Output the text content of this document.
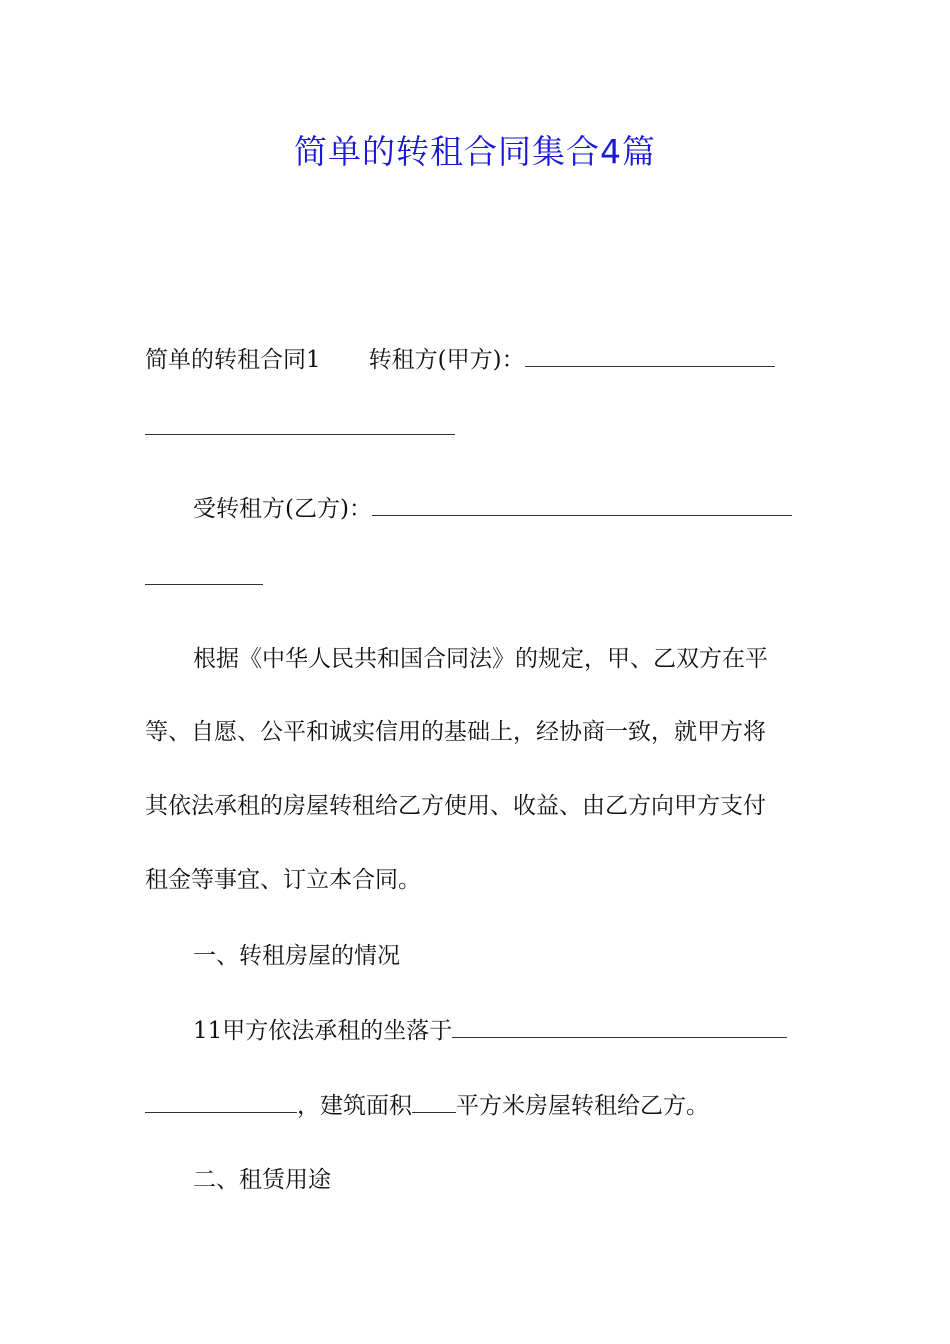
简单的转租合同集合4篇
简单的转租合同1 转租方(甲方)：
受转租方(乙方)：
根据《中华人民共和国合同法》的规定，甲、乙双方在平
等、自愿、公平和诚实信用的基础上，经协商一致，就甲方将
其依法承租的房屋转租给乙方使用、收益、由乙方向甲方支付
租金等事宜、订立本合同。
一、转租房屋的情况
11甲方依法承租的坐落于
，建筑面积 平方米房屋转租给乙方。
二、租赁用途
